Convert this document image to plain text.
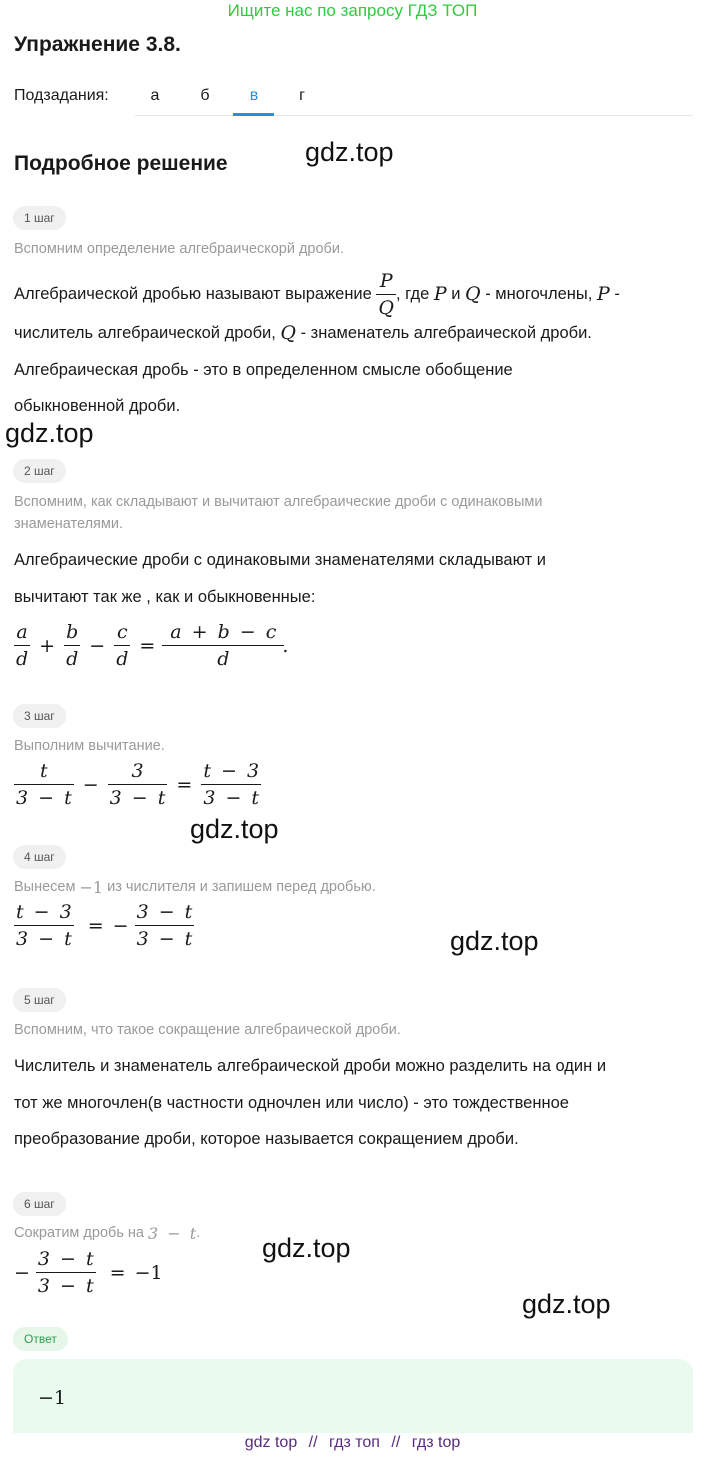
Ищите нас по запросу ГДЗ ТОП
Упражнение 3.8.
Подзадания:	а	б	в	г
Подробное решение	gdz.top
gdz.top
gdz.top
gdz.top
gdz.top
gdz.top
1 шаг
Вспомним определение алгебраическорй дроби.
Алгебраической дробью называют выражение
$\frac{P}{Q}$ , где
P
и
Q
- многочлены,
P
-
числитель алгебраической дроби,
Q
- знаменатель алгебраической дроби.
Алгебраическая дробь - это в определенном смысле обобщение
обыкновенной дроби.
2 шаг
Вспомним, как складывают и вычитают алгебраические дроби с одинаковыми
знаменателями.
Алгебраические дроби с одинаковыми знаменателями складывают и
вычитают так же , как и обыкновенные:
$\frac{a}{d} + \frac{b}{d} - \frac{c}{d} = \frac{a + b - c}{d}$ .
3 шаг
Выполним вычитание.
$\frac{t}{3 - t} - \frac{3}{3 - t} = \frac{t - 3}{3 - t}$
4 шаг
Вынесем
−1
из числителя и запишем перед дробью.
$\frac{t - 3}{3 - t}$ = − $\frac{3 - t}{3 - t}$
5 шаг
Вспомним, что такое сокращение алгебраической дроби.
Числитель и знаменатель алгебраической дроби можно разделить на один и
тот же многочлен(в частности одночлен или число) - это тождественное
преобразование дроби, которое называется сокращением дроби.
6 шаг
Сократим дробь на
3 − t .
− $\frac{3 - t}{3 - t} = -1$
Ответ
−1
gdz top // гдз топ // гдз top
